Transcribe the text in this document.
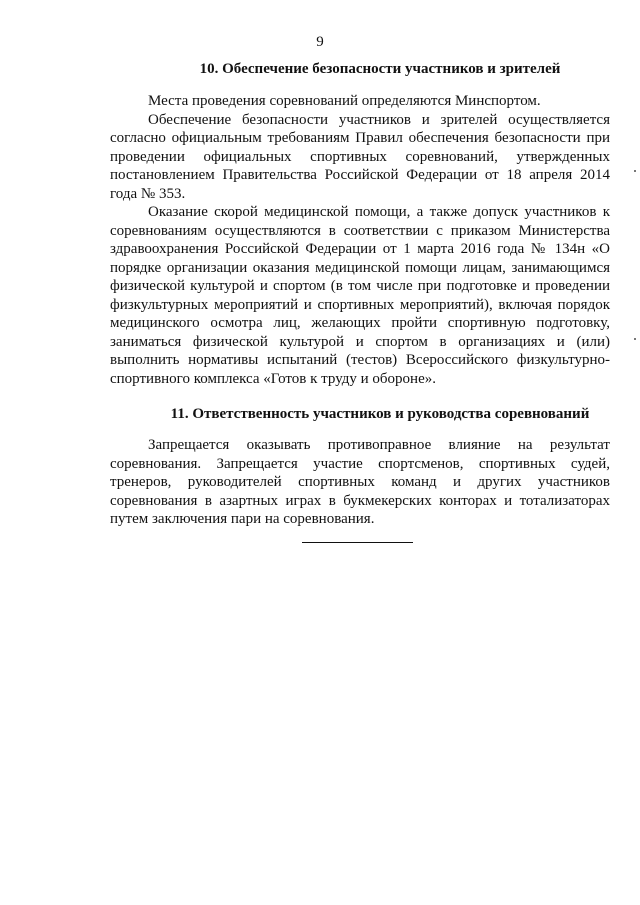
9
10. Обеспечение безопасности участников и зрителей

Места проведения соревнований определяются Минспортом.

Обеспечение безопасности участников и зрителей осуществляется согласно официальным требованиям Правил обеспечения безопасности при проведении официальных спортивных соревнований, утвержденных постановлением Правительства Российской Федерации от 18 апреля 2014 года № 353.

Оказание скорой медицинской помощи, а также допуск участников к соревнованиям осуществляются в соответствии с приказом Министерства здравоохранения Российской Федерации от 1 марта 2016 года № 134н «О порядке организации оказания медицинской помощи лицам, занимающимся физической культурой и спортом (в том числе при подготовке и проведении физкультурных мероприятий и спортивных мероприятий), включая порядок медицинского осмотра лиц, желающих пройти спортивную подготовку, заниматься физической культурой и спортом в организациях и (или) выполнить нормативы испытаний (тестов) Всероссийского физкультурно-спортивного комплекса «Готов к труду и обороне».

11. Ответственность участников и руководства соревнований

Запрещается оказывать противоправное влияние на результат соревнования. Запрещается участие спортсменов, спортивных судей, тренеров, руководителей спортивных команд и других участников соревнования в азартных играх в букмекерских конторах и тотализаторах путем заключения пари на соревнования.
